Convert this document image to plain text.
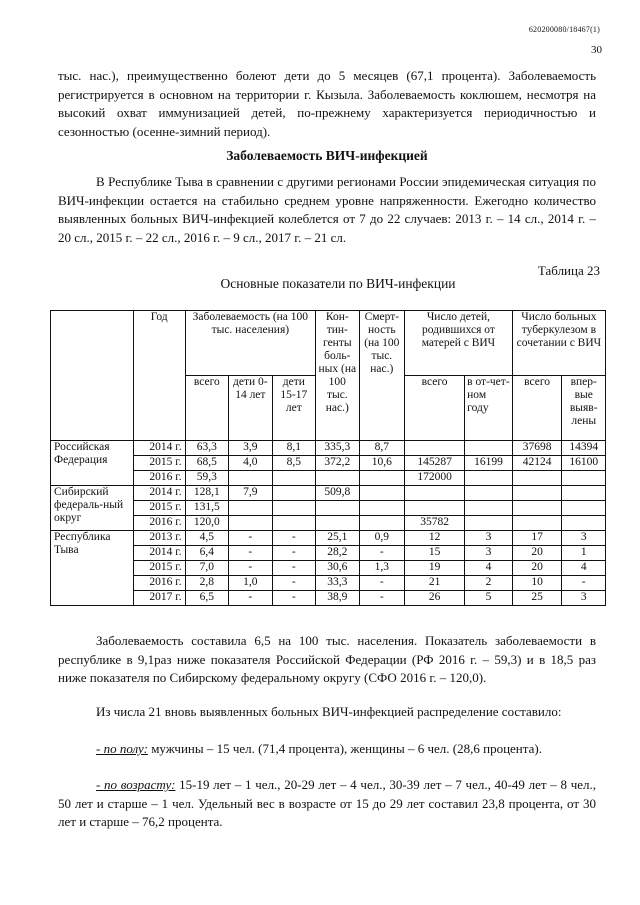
620200080/18467(1)
30
тыс. нас.), преимущественно болеют дети до 5 месяцев (67,1 процента). Заболеваемость регистрируется в основном на территории г. Кызыла. Заболеваемость коклюшем, несмотря на высокий охват иммунизацией детей, по-прежнему характеризуется периодичностью и сезонностью (осенне-зимний период).
Заболеваемость ВИЧ-инфекцией
В Республике Тыва в сравнении с другими регионами России эпидемическая ситуация по ВИЧ-инфекции остается на стабильно среднем уровне напряженности. Ежегодно количество выявленных больных ВИЧ-инфекцией колеблется от 7 до 22 случаев: 2013 г. – 14 сл., 2014 г. – 20 сл., 2015 г. – 22 сл., 2016 г. – 9 сл., 2017 г. – 21 сл.
Таблица 23
Основные показатели по ВИЧ-инфекции
	Год	Заболеваемость (на 100 тыс. населения)			Кон-тин-генты боль-ных (на 100 тыс. нас.)	Смерт-ность (на 100 тыс. нас.)	Число детей, родившихся от матерей с ВИЧ		Число больных туберкулезом в сочетании с ВИЧ	
		всего	дети 0-14 лет	дети 15-17 лет			всего	в от-чет-ном году	всего	впер-вые выяв-лены
Российская Федерация	2014 г.	63,3	3,9	8,1	335,3	8,7			37698	14394
	2015 г.	68,5	4,0	8,5	372,2	10,6	145287	16199	42124	16100
	2016 г.	59,3					172000			
Сибирский федераль-ный округ	2014 г.	128,1	7,9		509,8					
	2015 г.	131,5								
	2016 г.	120,0					35782			
Республика Тыва	2013 г.	4,5	-	-	25,1	0,9	12	3	17	3
	2014 г.	6,4	-	-	28,2	-	15	3	20	1
	2015 г.	7,0	-	-	30,6	1,3	19	4	20	4
	2016 г.	2,8	1,0	-	33,3	-	21	2	10	-
	2017 г.	6,5	-	-	38,9	-	26	5	25	3
Заболеваемость составила 6,5 на 100 тыс. населения. Показатель заболеваемости в республике в 9,1раз ниже показателя Российской Федерации (РФ 2016 г. – 59,3) и в 18,5 раз ниже показателя по Сибирскому федеральному округу (СФО 2016 г. – 120,0).
Из числа 21 вновь выявленных больных ВИЧ-инфекцией распределение составило:
- по полу: мужчины – 15 чел. (71,4 процента), женщины – 6 чел. (28,6 процента).
- по возрасту: 15-19 лет – 1 чел., 20-29 лет – 4 чел., 30-39 лет – 7 чел., 40-49 лет – 8 чел., 50 лет и старше – 1 чел. Удельный вес в возрасте от 15 до 29 лет составил 23,8 процента, от 30 лет и старше – 76,2 процента.
